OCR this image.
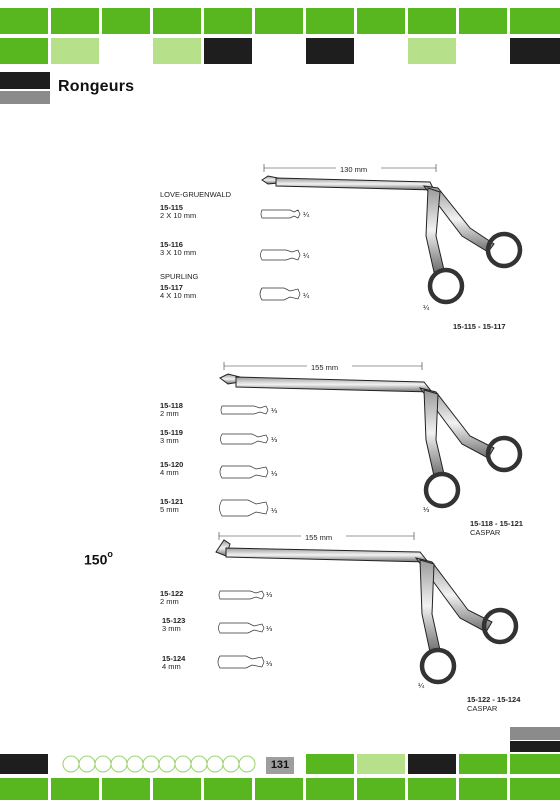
Rongeurs
LOVE-GRUENWALD
15-115
2 X 10 mm
15-116
3 X 10 mm
SPURLING
15-117
4 X 10 mm
¼
¼
¼
130 mm
¼
15-115 - 15-117
15-118
2 mm
15-119
3 mm
15-120
4 mm
15-121
5 mm
⅓
⅓
⅓
⅓
155 mm
⅓
15-118 - 15-121
CASPAR
150$^o$
15-122
2 mm
15-123
3 mm
15-124
4 mm
⅓
⅓
⅓
155 mm
¼
15-122 - 15-124
CASPAR
131
